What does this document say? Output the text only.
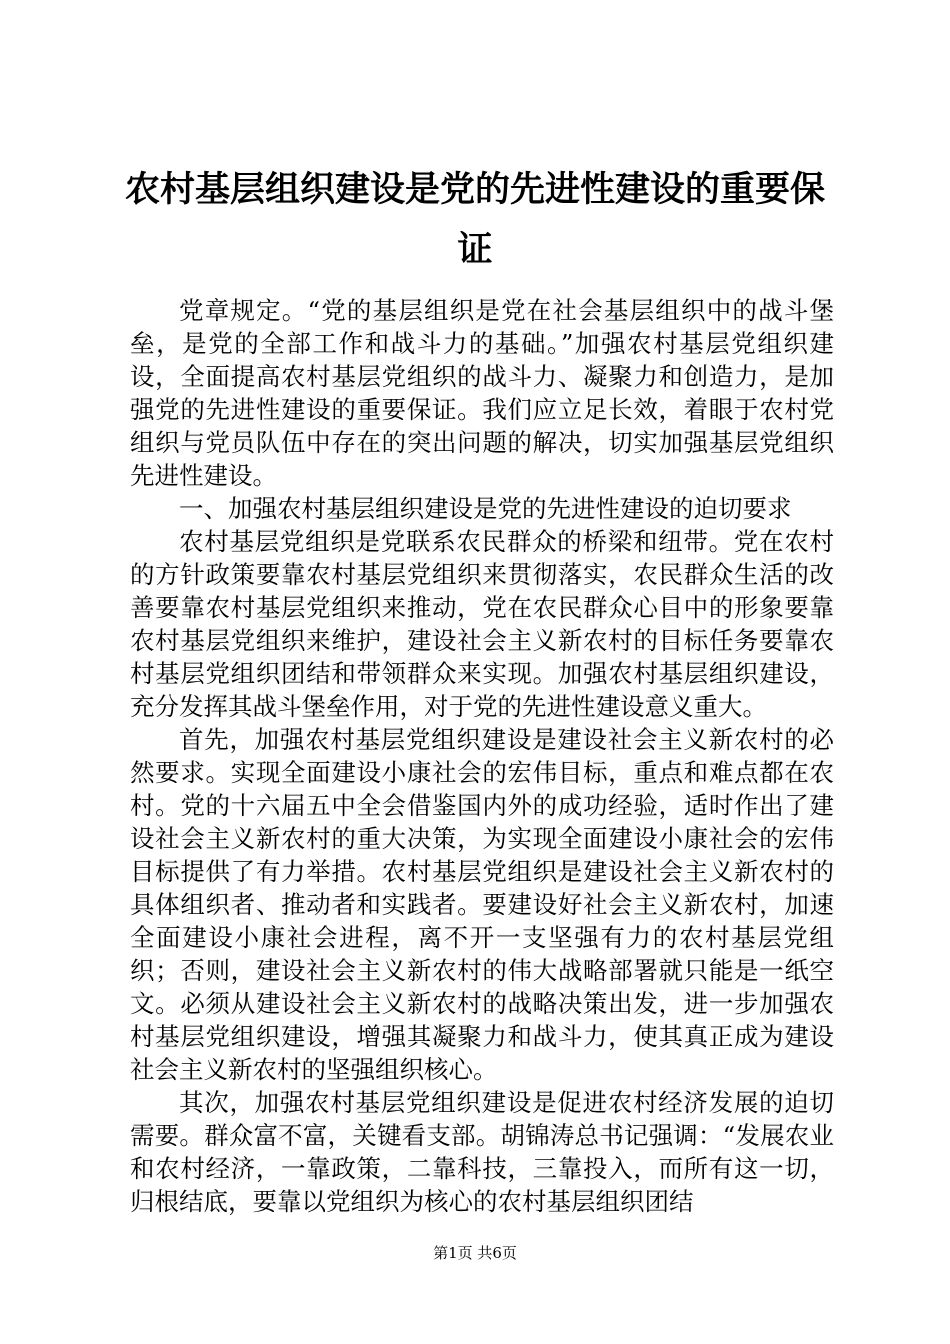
农村基层组织建设是党的先进性建设的重要保证

党章规定。“党的基层组织是党在社会基层组织中的战斗堡垒，是党的全部工作和战斗力的基础。”加强农村基层党组织建设，全面提高农村基层党组织的战斗力、凝聚力和创造力，是加强党的先进性建设的重要保证。我们应立足长效，着眼于农村党组织与党员队伍中存在的突出问题的解决，切实加强基层党组织先进性建设。

一、加强农村基层组织建设是党的先进性建设的迫切要求

农村基层党组织是党联系农民群众的桥梁和纽带。党在农村的方针政策要靠农村基层党组织来贯彻落实，农民群众生活的改善要靠农村基层党组织来推动，党在农民群众心目中的形象要靠农村基层党组织来维护，建设社会主义新农村的目标任务要靠农村基层党组织团结和带领群众来实现。加强农村基层组织建设，充分发挥其战斗堡垒作用，对于党的先进性建设意义重大。

首先，加强农村基层党组织建设是建设社会主义新农村的必然要求。实现全面建设小康社会的宏伟目标，重点和难点都在农村。党的十六届五中全会借鉴国内外的成功经验，适时作出了建设社会主义新农村的重大决策，为实现全面建设小康社会的宏伟目标提供了有力举措。农村基层党组织是建设社会主义新农村的具体组织者、推动者和实践者。要建设好社会主义新农村，加速全面建设小康社会进程，离不开一支坚强有力的农村基层党组织；否则，建设社会主义新农村的伟大战略部署就只能是一纸空文。必须从建设社会主义新农村的战略决策出发，进一步加强农村基层党组织建设，增强其凝聚力和战斗力，使其真正成为建设社会主义新农村的坚强组织核心。

其次，加强农村基层党组织建设是促进农村经济发展的迫切需要。群众富不富，关键看支部。胡锦涛总书记强调：“发展农业和农村经济，一靠政策，二靠科技，三靠投入，而所有这一切，归根结底，要靠以党组织为核心的农村基层组织团结

第1页 共6页
